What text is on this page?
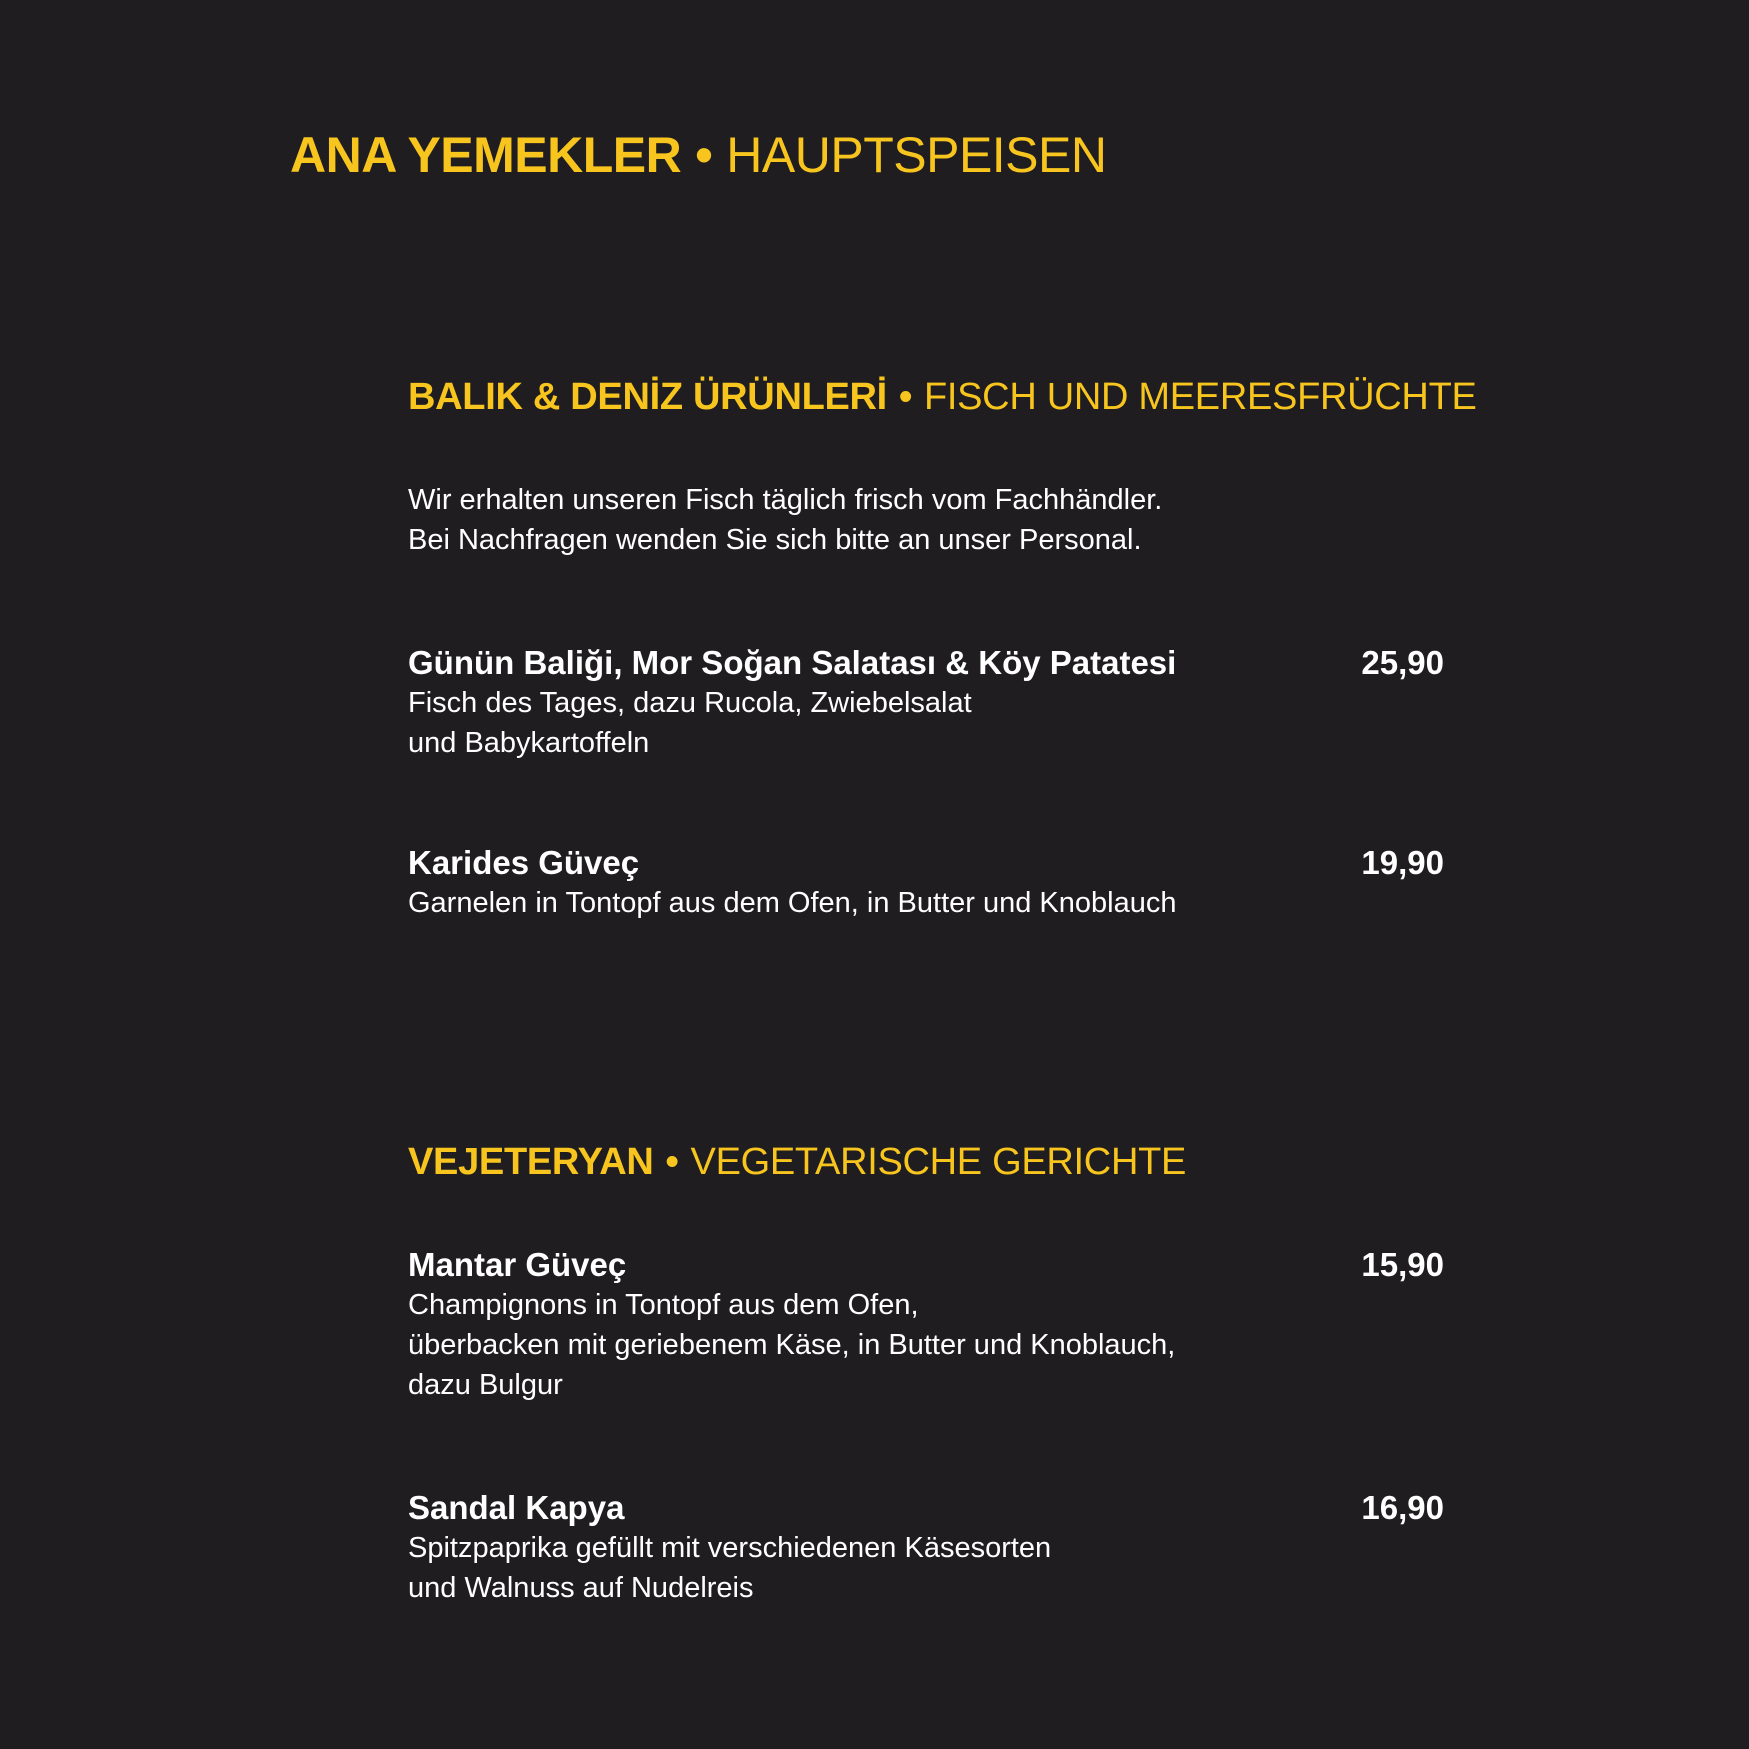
ANA YEMEKLER • HAUPTSPEISEN
BALIK & DENİZ ÜRÜNLERİ • FISCH UND MEERESFRÜCHTE

Wir erhalten unseren Fisch täglich frisch vom Fachhändler.
Bei Nachfragen wenden Sie sich bitte an unser Personal.

Günün Baliği, Mor Soğan Salatası & Köy Patatesi	25,90
Fisch des Tages, dazu Rucola, Zwiebelsalat
und Babykartoffeln
Karides Güveç	19,90
Garnelen in Tontopf aus dem Ofen, in Butter und Knoblauch
VEJETERYAN • VEGETARISCHE GERICHTE
Mantar Güveç	15,90
Champignons in Tontopf aus dem Ofen,
überbacken mit geriebenem Käse, in Butter und Knoblauch,
dazu Bulgur
Sandal Kapya	16,90
Spitzpaprika gefüllt mit verschiedenen Käsesorten
und Walnuss auf Nudelreis
